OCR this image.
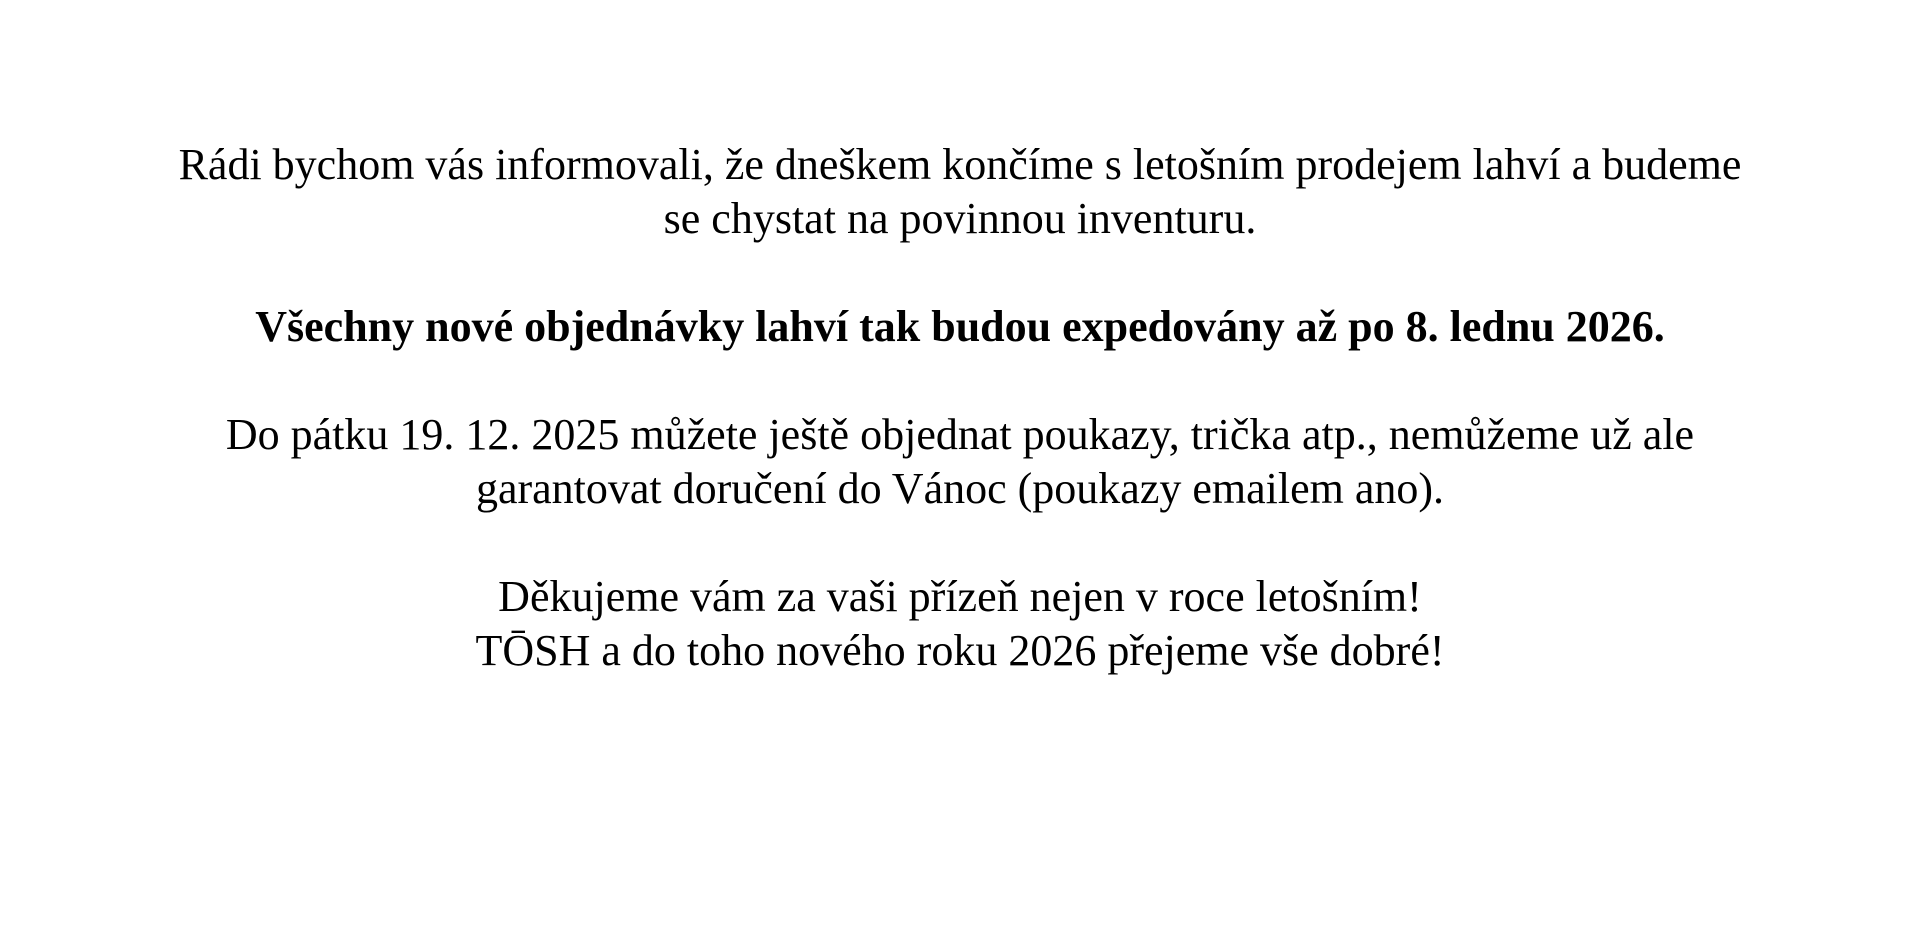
Rádi bychom vás informovali, že dneškem končíme s letošním prodejem lahví a budeme
se chystat na povinnou inventuru.

Všechny nové objednávky lahví tak budou expedovány až po 8. lednu 2026.

Do pátku 19. 12. 2025 můžete ještě objednat poukazy, trička atp., nemůžeme už ale
garantovat doručení do Vánoc (poukazy emailem ano).

Děkujeme vám za vaši přízeň nejen v roce letošním!
TŌSH a do toho nového roku 2026 přejeme vše dobré!
